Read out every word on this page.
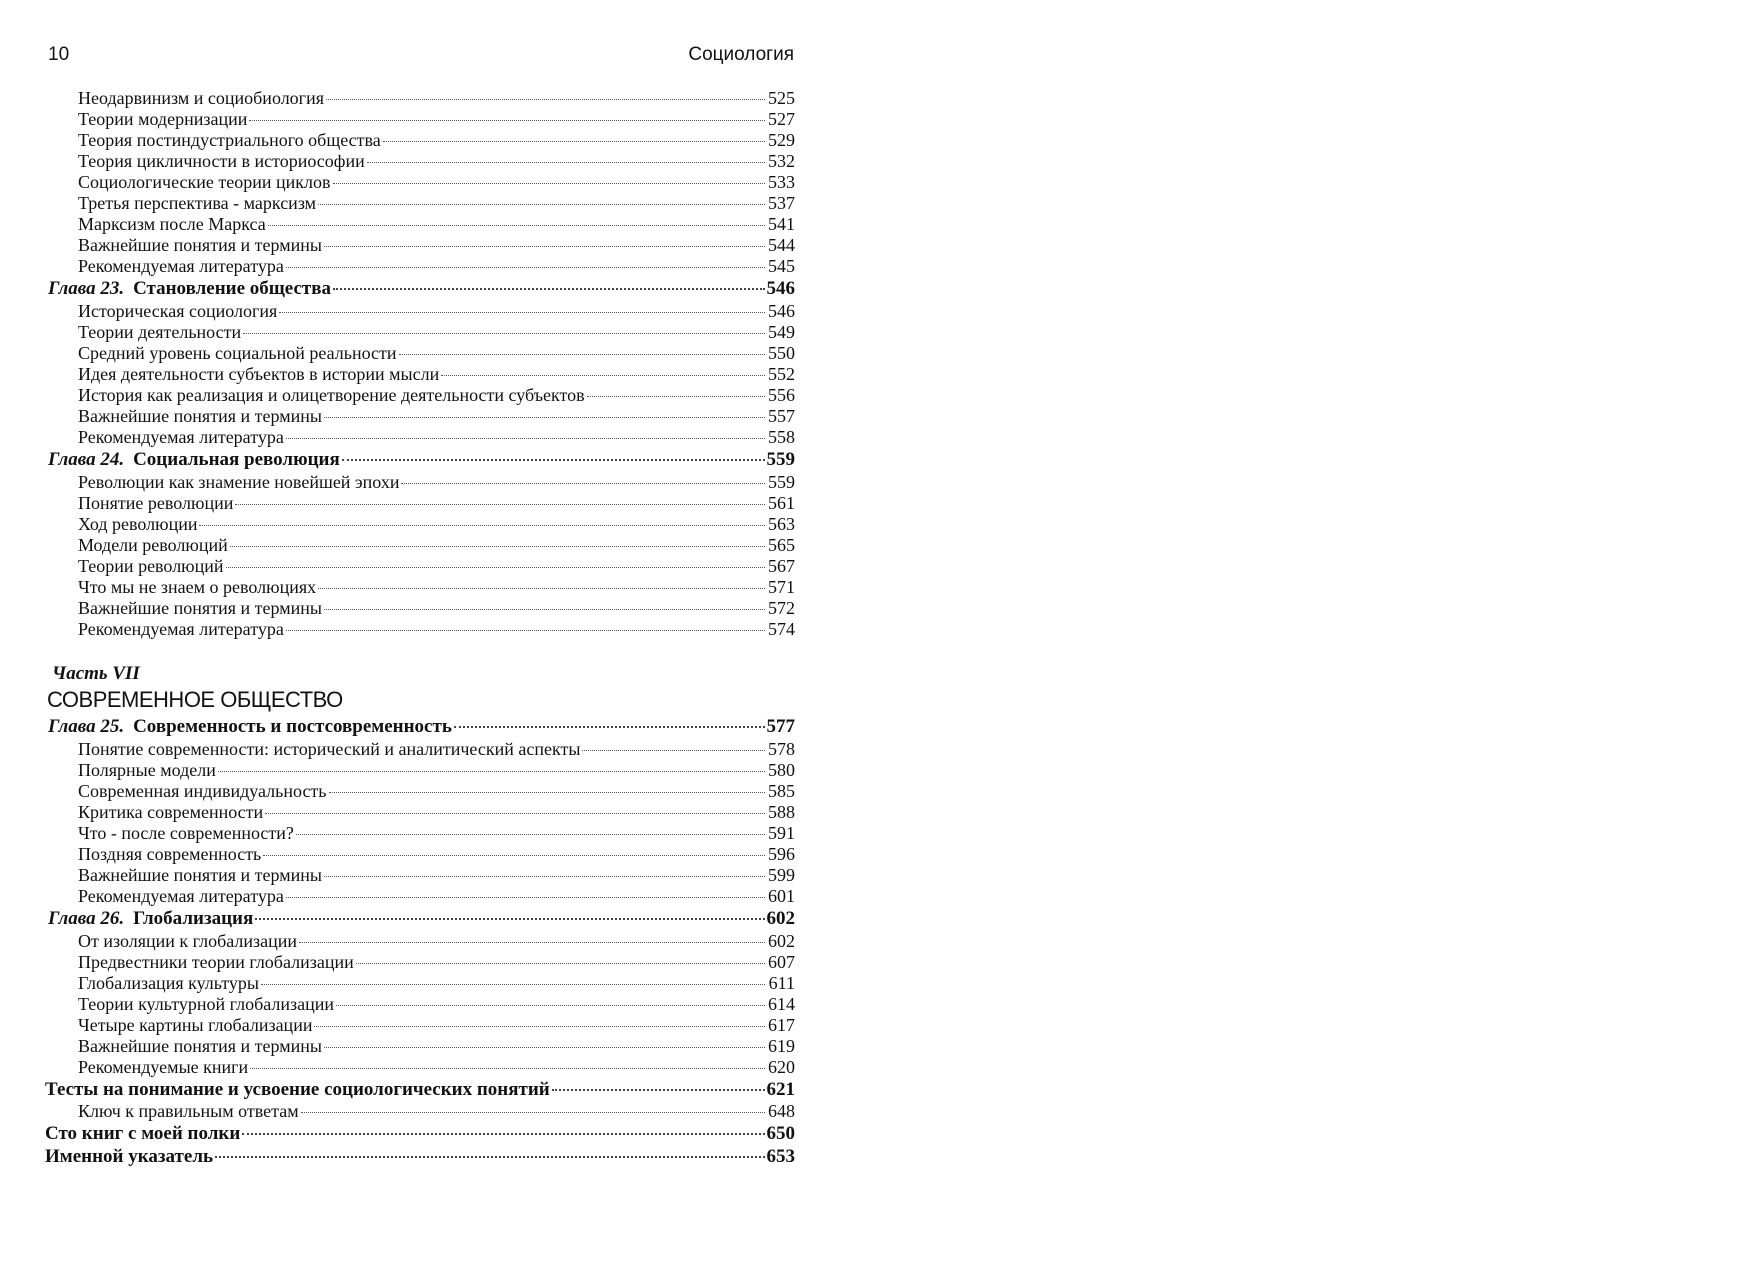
10	Социология
Неодарвинизм и социобиология	525
Теории модернизации	527
Теория постиндустриального общества	529
Теория цикличности в историософии	532
Социологические теории циклов	533
Третья перспектива - марксизм	537
Марксизм после Маркса	541
Важнейшие понятия и термины	544
Рекомендуемая литература	545
Глава 23. Становление общества	546
Историческая социология	546
Теории деятельности	549
Средний уровень социальной реальности	550
Идея деятельности субъектов в истории мысли	552
История как реализация и олицетворение деятельности субъектов	556
Важнейшие понятия и термины	557
Рекомендуемая литература	558
Глава 24. Социальная революция	559
Революции как знамение новейшей эпохи	559
Понятие революции	561
Ход революции	563
Модели революций	565
Теории революций	567
Что мы не знаем о революциях	571
Важнейшие понятия и термины	572
Рекомендуемая литература	574
Часть VII
СОВРЕМЕННОЕ ОБЩЕСТВО
Глава 25. Современность и постсовременность	577
Понятие современности: исторический и аналитический аспекты	578
Полярные модели	580
Современная индивидуальность	585
Критика современности	588
Что - после современности?	591
Поздняя современность	596
Важнейшие понятия и термины	599
Рекомендуемая литература	601
Глава 26. Глобализация	602
От изоляции к глобализации	602
Предвестники теории глобализации	607
Глобализация культуры	611
Теории культурной глобализации	614
Четыре картины глобализации	617
Важнейшие понятия и термины	619
Рекомендуемые книги	620
Тесты на понимание и усвоение социологических понятий	621
Ключ к правильным ответам	648
Сто книг с моей полки	650
Именной указатель	653
